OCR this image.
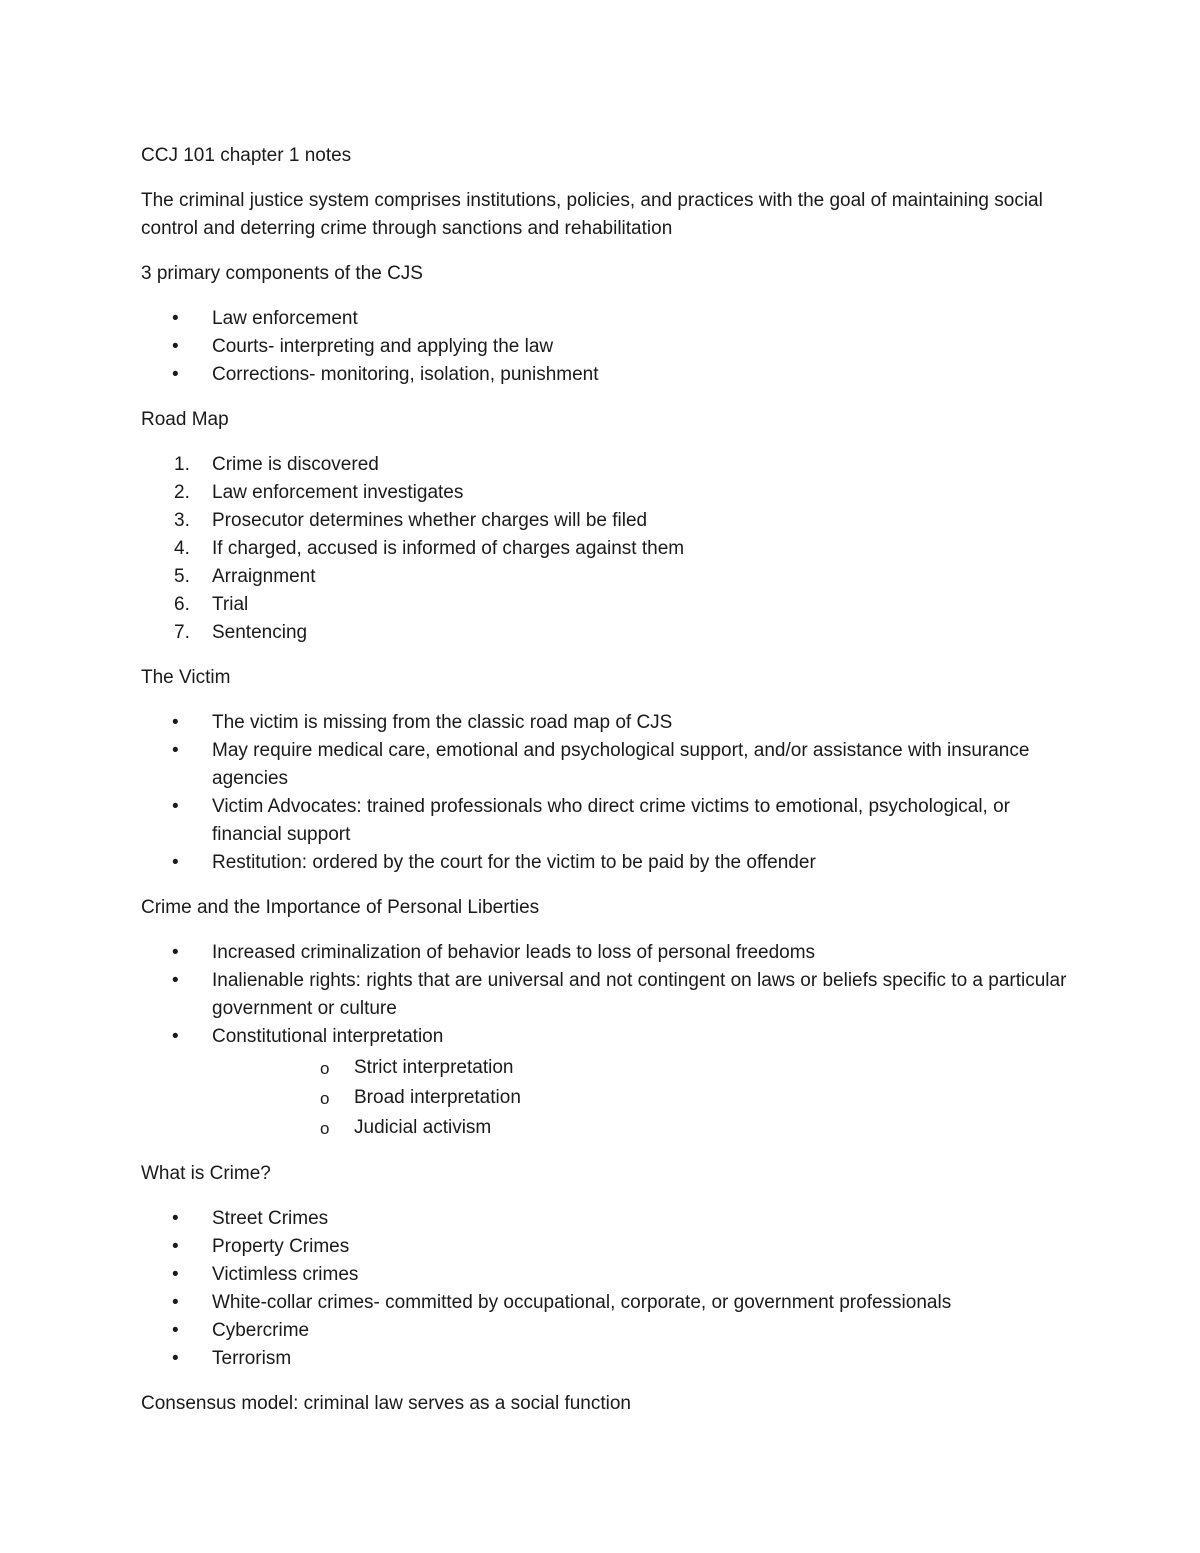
CCJ 101 chapter 1 notes

The criminal justice system comprises institutions, policies, and practices with the goal of maintaining social control and deterring crime through sanctions and rehabilitation

3 primary components of the CJS

• Law enforcement
• Courts- interpreting and applying the law
• Corrections- monitoring, isolation, punishment

Road Map

1. Crime is discovered
2. Law enforcement investigates
3. Prosecutor determines whether charges will be filed
4. If charged, accused is informed of charges against them
5. Arraignment
6. Trial
7. Sentencing

The Victim

• The victim is missing from the classic road map of CJS
• May require medical care, emotional and psychological support, and/or assistance with insurance agencies
• Victim Advocates: trained professionals who direct crime victims to emotional, psychological, or financial support
• Restitution: ordered by the court for the victim to be paid by the offender

Crime and the Importance of Personal Liberties

• Increased criminalization of behavior leads to loss of personal freedoms
• Inalienable rights: rights that are universal and not contingent on laws or beliefs specific to a particular government or culture
• Constitutional interpretation
o Strict interpretation
o Broad interpretation
o Judicial activism

What is Crime?

• Street Crimes
• Property Crimes
• Victimless crimes
• White-collar crimes- committed by occupational, corporate, or government professionals
• Cybercrime
• Terrorism

Consensus model: criminal law serves as a social function
